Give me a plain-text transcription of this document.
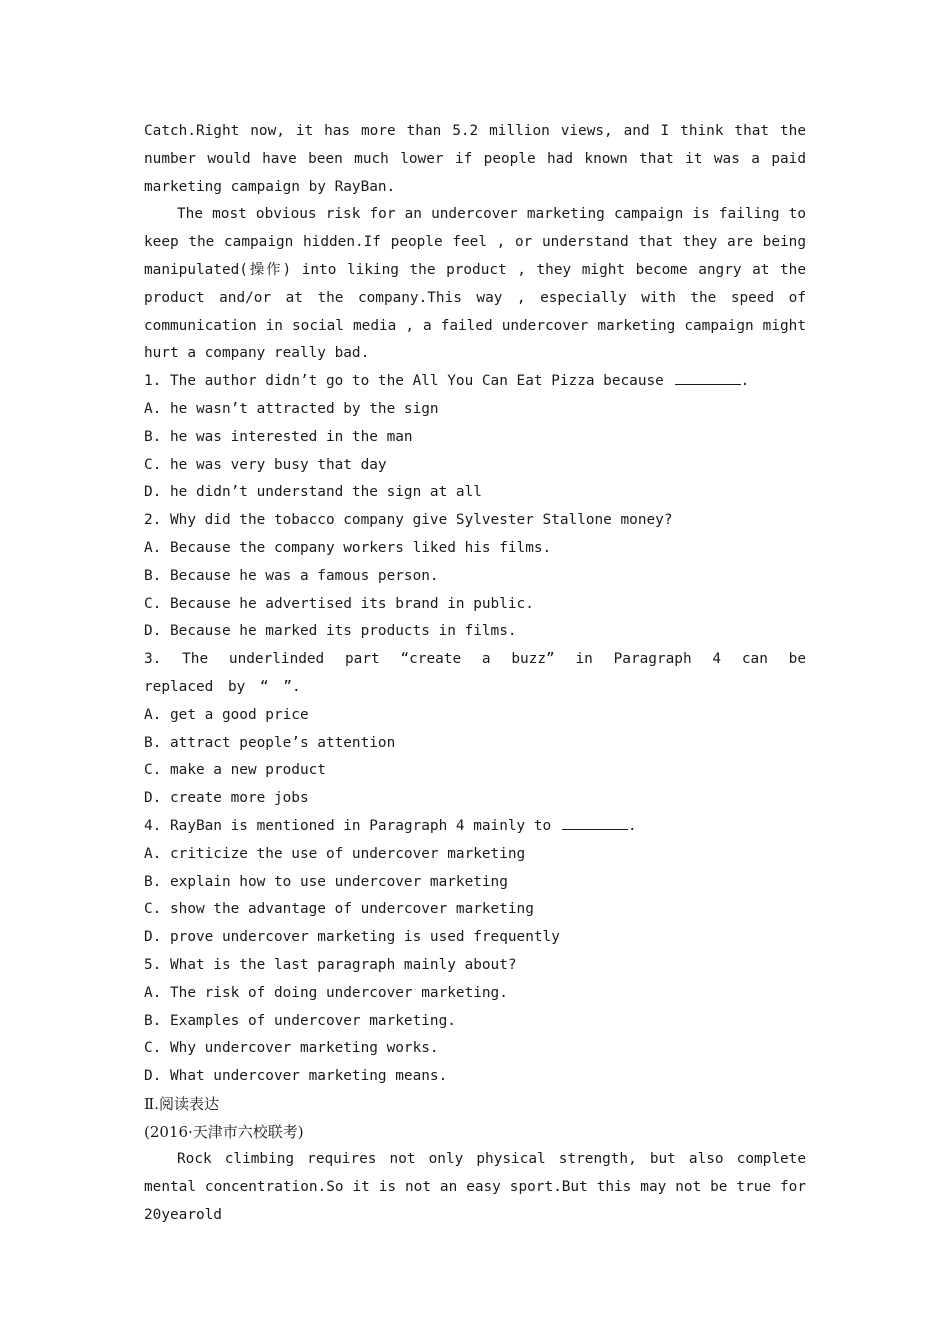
Catch.Right now, it has more than 5.2 million views, and I think that the number would have been much lower if people had known that it was a paid marketing campaign by RayBan.

The most obvious risk for an undercover marketing campaign is failing to keep the campaign hidden.If people feel , or understand that they are being manipulated(操作) into liking the product , they might become angry at the product and/or at the company.This way , especially with the speed of communication in social media , a failed undercover marketing campaign might hurt a company really bad.

1. The author didn’t go to the All You Can Eat Pizza because	.

A. he wasn’t attracted by the sign

B. he was interested in the man

C. he was very busy that day

D. he didn’t understand the sign at all

2. Why did the tobacco company give Sylvester Stallone money?

A. Because the company workers liked his films.

B. Because he was a famous person.

C. Because he advertised its brand in public.

D. Because he marked its products in films.

3. The underlinded part “create a buzz” in Paragraph 4 can be replaced by “ ”.

A. get a good price

B. attract people’s attention

C. make a new product

D. create more jobs

4. RayBan is mentioned in Paragraph 4 mainly to	.

A. criticize the use of undercover marketing

B. explain how to use undercover marketing

C. show the advantage of undercover marketing

D. prove undercover marketing is used frequently

5. What is the last paragraph mainly about?

A. The risk of doing undercover marketing.

B. Examples of undercover marketing.

C. Why undercover marketing works.

D. What undercover marketing means.

Ⅱ.阅读表达

(2016·天津市六校联考)

Rock climbing requires not only physical strength, but also complete mental concentration.So it is not an easy sport.But this may not be true for 20yearold
